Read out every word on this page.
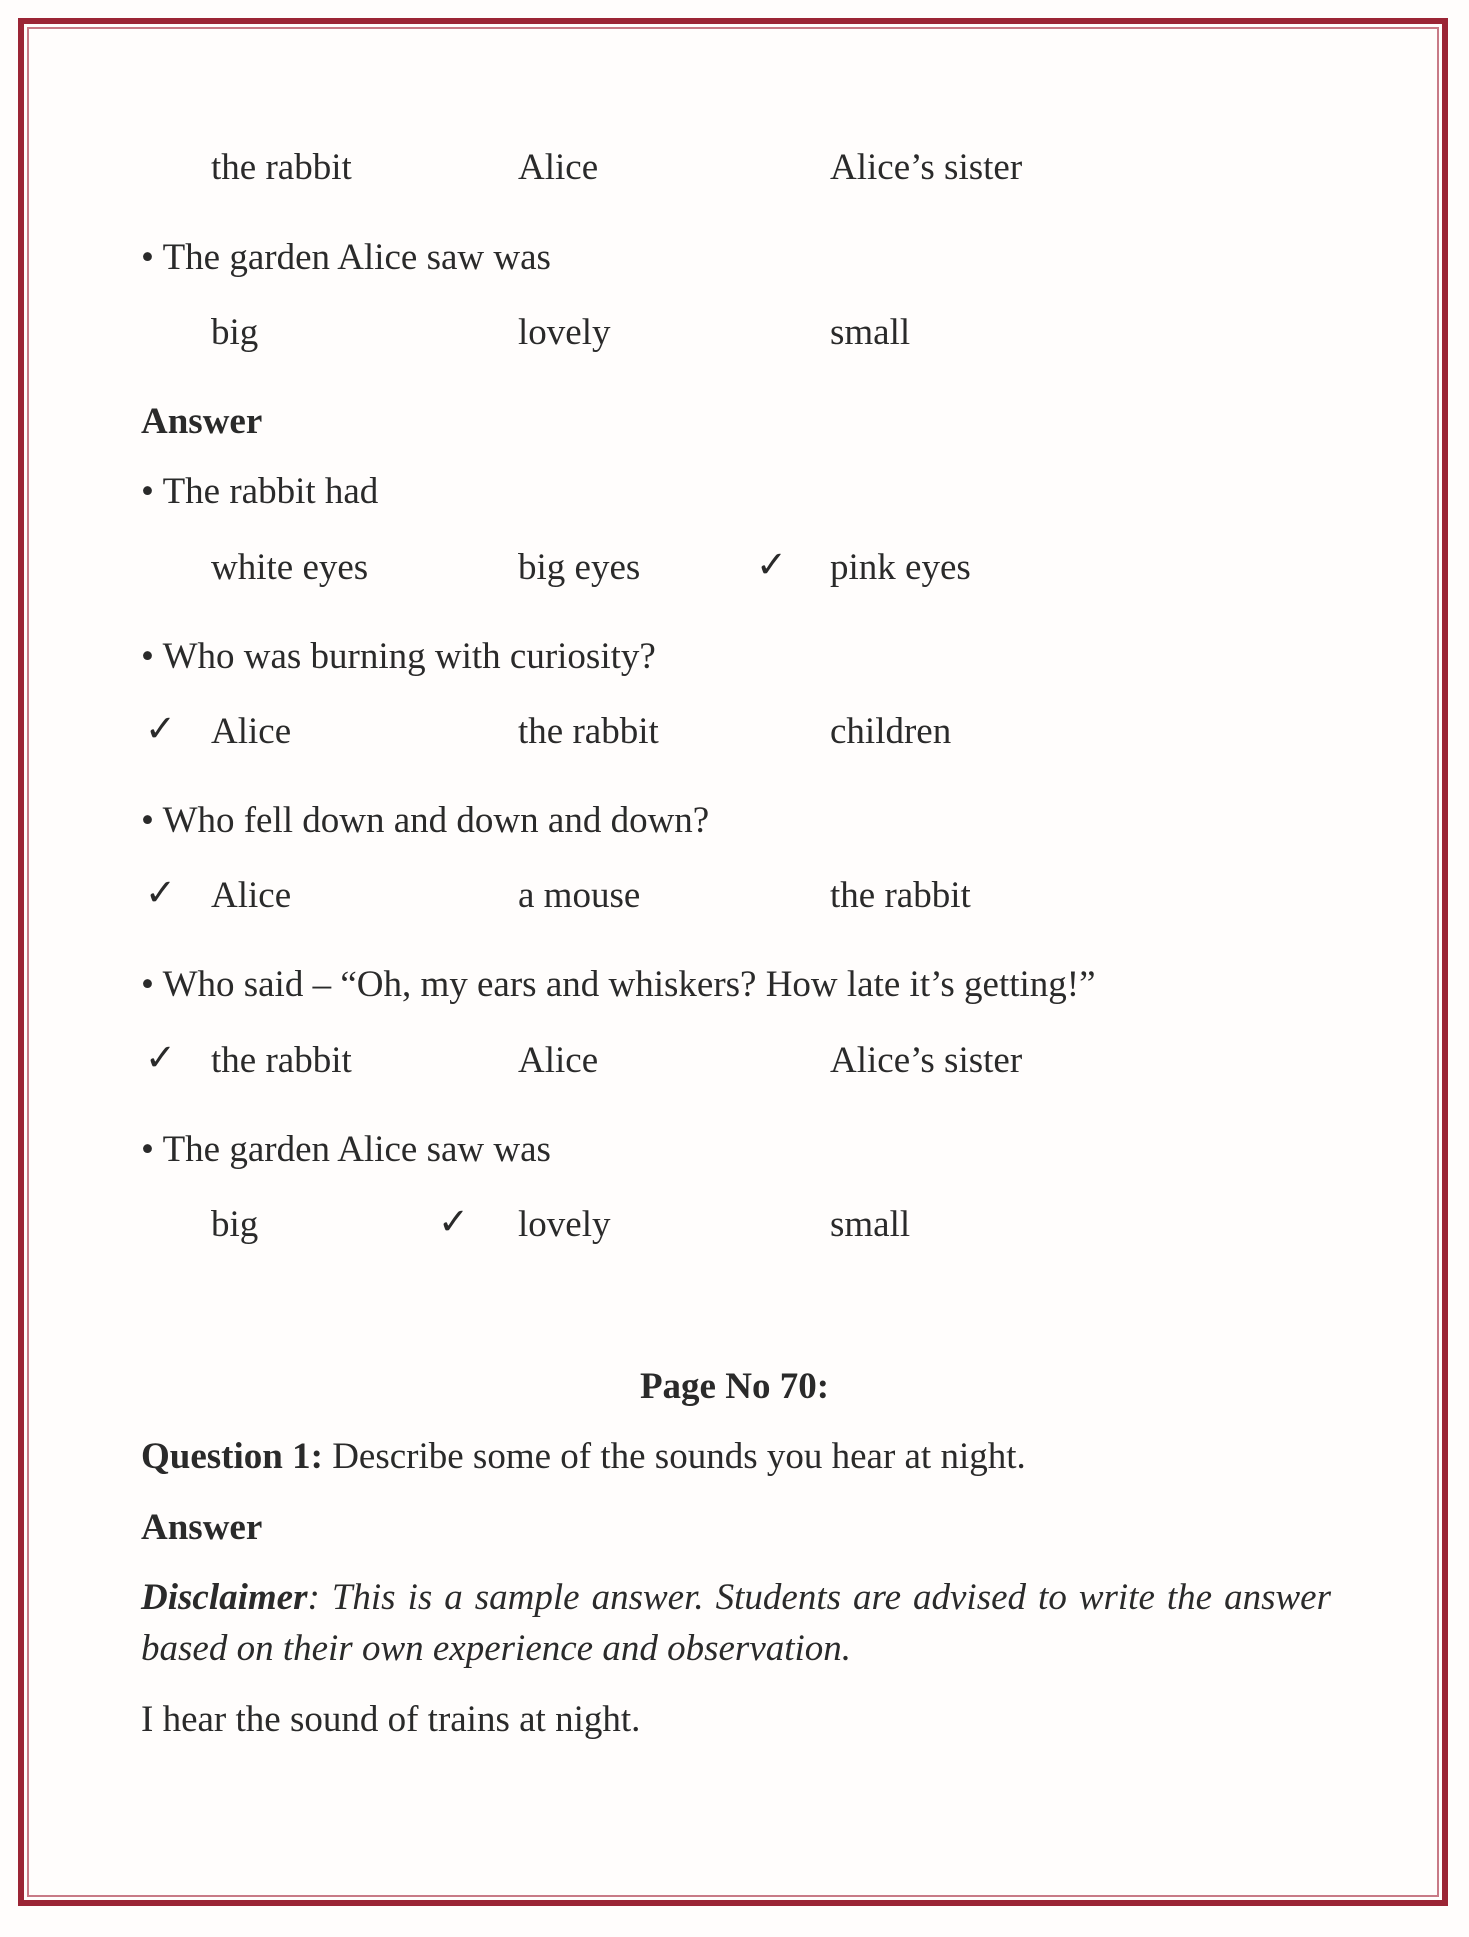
the rabbit	Alice	Alice’s sister
• The garden Alice saw was
big	lovely	small
Answer
• The rabbit had
white eyes	big eyes	✓ pink eyes
• Who was burning with curiosity?
✓ Alice	the rabbit	children
• Who fell down and down and down?
✓ Alice	a mouse	the rabbit
• Who said – “Oh, my ears and whiskers? How late it’s getting!”
✓ the rabbit	Alice	Alice’s sister
• The garden Alice saw was
big	✓ lovely	small
Page No 70:
Question 1: Describe some of the sounds you hear at night.
Answer
Disclaimer: This is a sample answer. Students are advised to write the answer based on their own experience and observation.
I hear the sound of trains at night.
